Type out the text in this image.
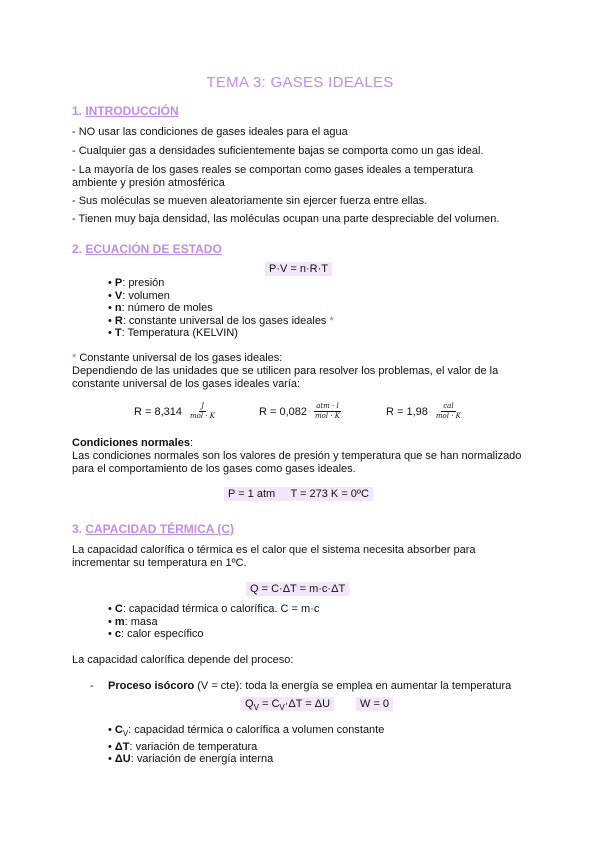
TEMA 3: GASES IDEALES
1. INTRODUCCIÓN
- NO usar las condiciones de gases ideales para el agua
- Cualquier gas a densidades suficientemente bajas se comporta como un gas ideal.
- La mayoría de los gases reales se comportan como gases ideales a temperatura
ambiente y presión atmosférica
- Sus moléculas se mueven aleatoriamente sin ejercer fuerza entre ellas.
- Tienen muy baja densidad, las moléculas ocupan una parte despreciable del volumen.
2. ECUACIÓN DE ESTADO
P·V = n·R·T
• P: presión
• V: volumen
• n: número de moles
• R: constante universal de los gases ideales *
• T: Temperatura (KELVIN)
* Constante universal de los gases ideales:
Dependiendo de las unidades que se utilicen para resolver los problemas, el valor de la constante universal de los gases ideales varía:
$R = 8,314 \frac{J}{\text{mol · K}}$	$R = 0,082 \frac{\text{atm · l}}{\text{mol · K}}$	$R = 1,98 \frac{\text{cal}}{\text{mol · K}}$
Condiciones normales:
Las condiciones normales son los valores de presión y temperatura que se han normalizado para el comportamiento de los gases como gases ideales.
P = 1 atm T = 273 K = 0ºC
3. CAPACIDAD TÉRMICA (C)
La capacidad calorífica o térmica es el calor que el sistema necesita absorber para incrementar su temperatura en 1ºC.
Q = C·ΔT = m·c·ΔT
• C: capacidad térmica o calorífica. C = m·c
• m: masa
• c: calor específico
La capacidad calorífica depende del proceso:
- Proceso isócoro (V = cte): toda la energía se emplea en aumentar la temperatura
$Q_V = C_V\cdot\Delta T = \Delta U$	W = 0
• $C_V$: capacidad térmica o calorífica a volumen constante
• ΔT: variación de temperatura
• ΔU: variación de energía interna
